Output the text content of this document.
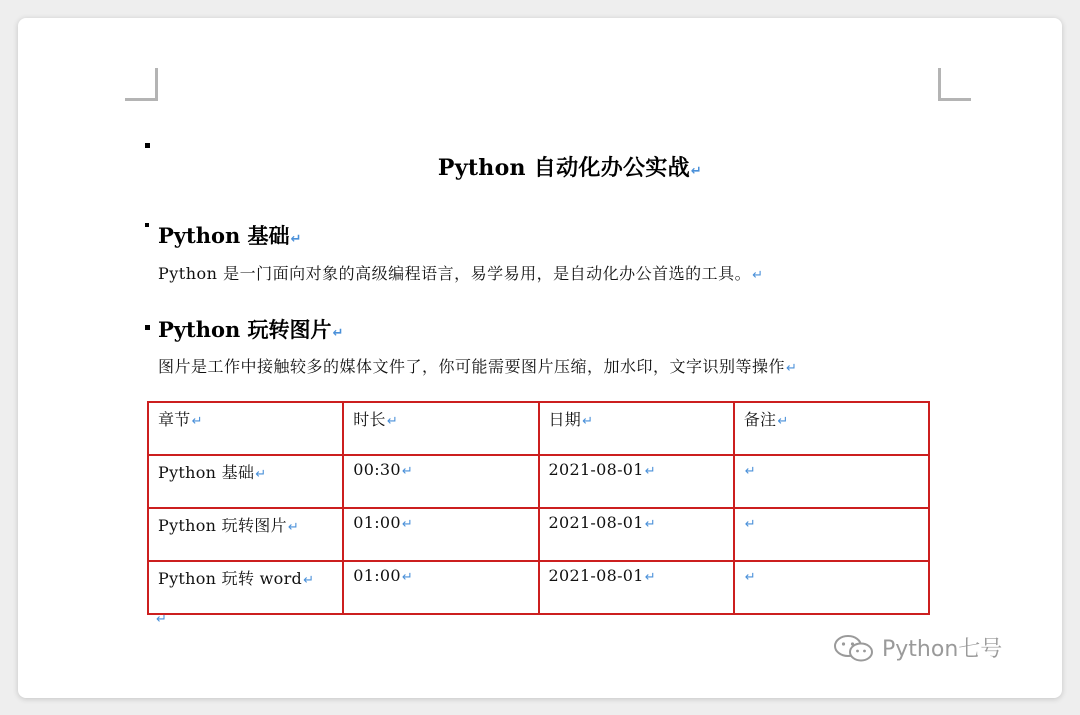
Python 自动化办公实战↵
Python 基础↵
Python 是一门面向对象的高级编程语言，易学易用，是自动化办公首选的工具。↵
Python 玩转图片↵
图片是工作中接触较多的媒体文件了，你可能需要图片压缩，加水印，文字识别等操作↵
章节↵	时长↵	日期↵	备注↵
Python 基础↵	00:30↵	2021-08-01↵	↵
Python 玩转图片↵	01:00↵	2021-08-01↵	↵
Python 玩转 word↵	01:00↵	2021-08-01↵	↵
↵
Python七号
